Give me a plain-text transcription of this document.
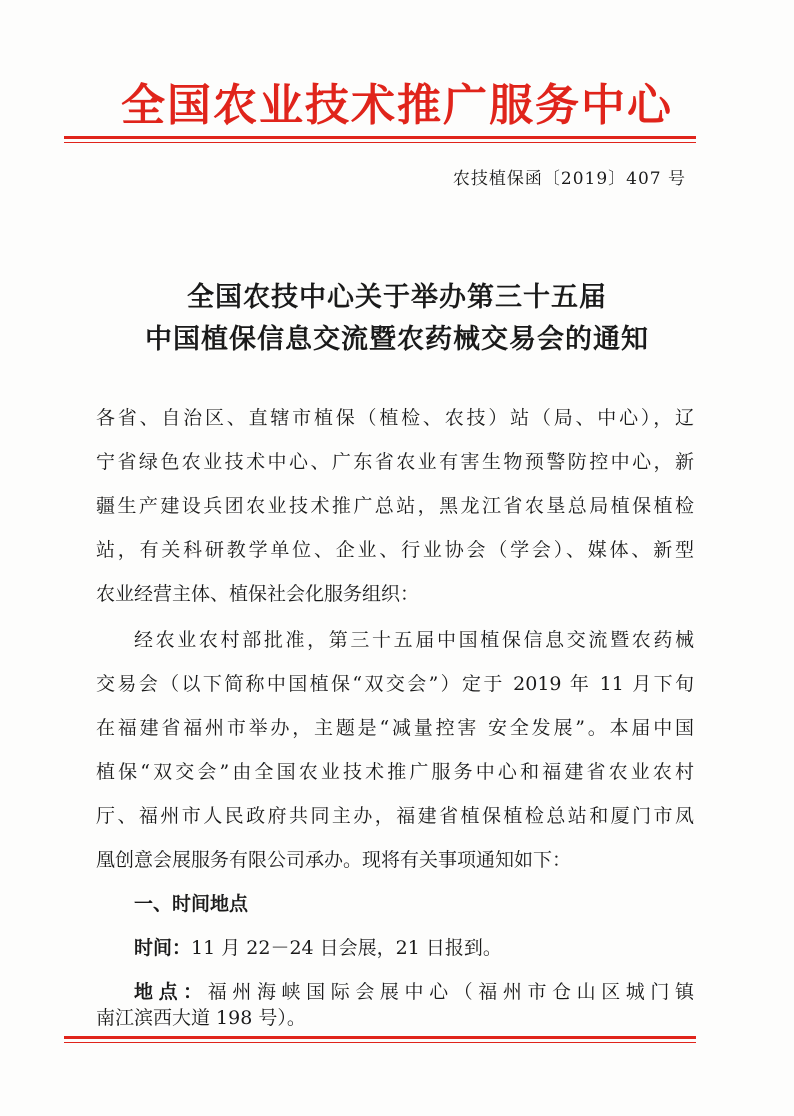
全国农业技术推广服务中心
农技植保函〔2019〕407 号
全国农技中心关于举办第三十五届
中国植保信息交流暨农药械交易会的通知
各省、自治区、直辖市植保（植检、农技）站（局、中心），辽
宁省绿色农业技术中心、广东省农业有害生物预警防控中心，新
疆生产建设兵团农业技术推广总站，黑龙江省农垦总局植保植检
站，有关科研教学单位、企业、行业协会（学会）、媒体、新型
农业经营主体、植保社会化服务组织：
经农业农村部批准，第三十五届中国植保信息交流暨农药械
交易会（以下简称中国植保“双交会”）定于 2019 年 11 月下旬
在福建省福州市举办，主题是“减量控害 安全发展”。本届中国
植保“双交会”由全国农业技术推广服务中心和福建省农业农村
厅、福州市人民政府共同主办，福建省植保植检总站和厦门市凤
凰创意会展服务有限公司承办。现将有关事项通知如下：
一、时间地点
时间：11 月 22－24 日会展，21 日报到。
地点：福州海峡国际会展中心（福州市仓山区城门镇
南江滨西大道 198 号）。
